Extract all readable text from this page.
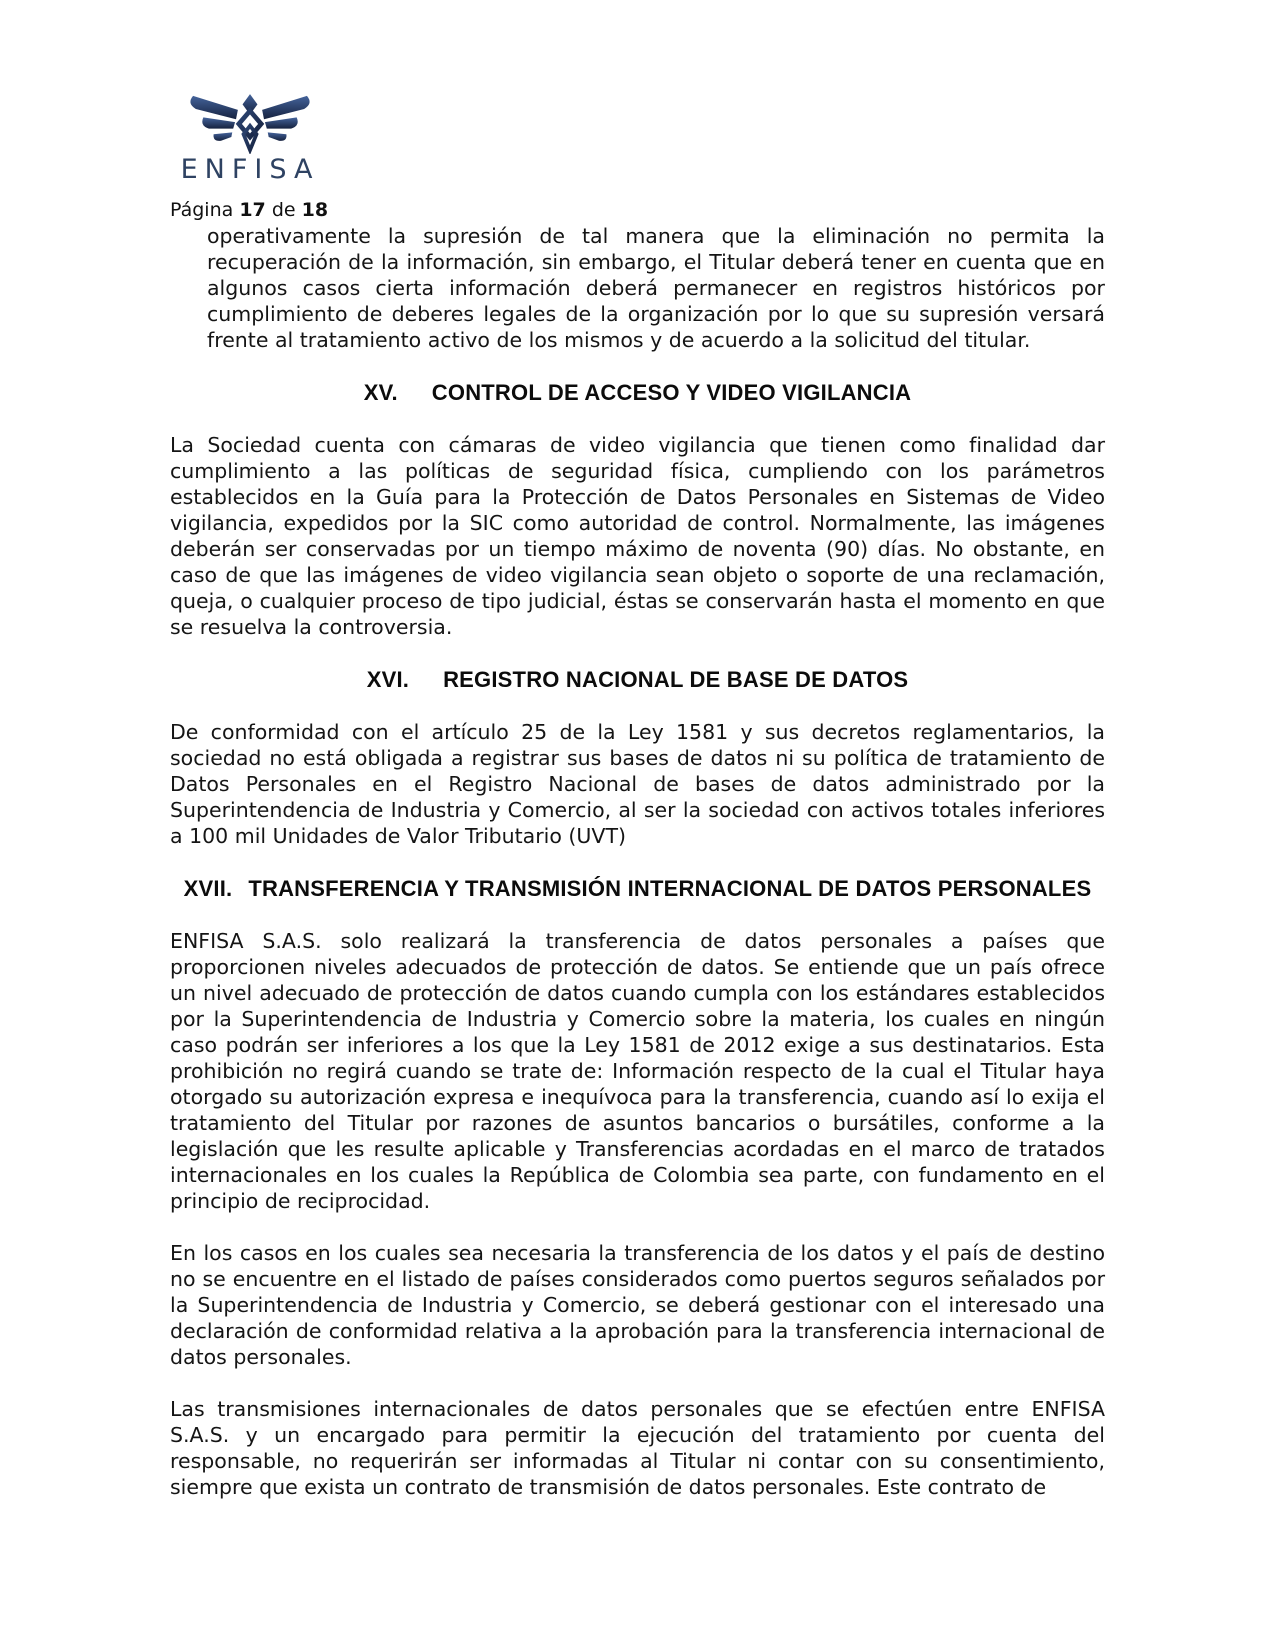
ENFISA
Página 17 de 18

operativamente la supresión de tal manera que la eliminación no permita la recuperación de la información, sin embargo, el Titular deberá tener en cuenta que en algunos casos cierta información deberá permanecer en registros históricos por cumplimiento de deberes legales de la organización por lo que su supresión versará frente al tratamiento activo de los mismos y de acuerdo a la solicitud del titular.

XV. CONTROL DE ACCESO Y VIDEO VIGILANCIA

La Sociedad cuenta con cámaras de video vigilancia que tienen como finalidad dar cumplimiento a las políticas de seguridad física, cumpliendo con los parámetros establecidos en la Guía para la Protección de Datos Personales en Sistemas de Video vigilancia, expedidos por la SIC como autoridad de control. Normalmente, las imágenes deberán ser conservadas por un tiempo máximo de noventa (90) días. No obstante, en caso de que las imágenes de video vigilancia sean objeto o soporte de una reclamación, queja, o cualquier proceso de tipo judicial, éstas se conservarán hasta el momento en que se resuelva la controversia.

XVI. REGISTRO NACIONAL DE BASE DE DATOS

De conformidad con el artículo 25 de la Ley 1581 y sus decretos reglamentarios, la sociedad no está obligada a registrar sus bases de datos ni su política de tratamiento de Datos Personales en el Registro Nacional de bases de datos administrado por la Superintendencia de Industria y Comercio, al ser la sociedad con activos totales inferiores a 100 mil Unidades de Valor Tributario (UVT)

XVII. TRANSFERENCIA Y TRANSMISIÓN INTERNACIONAL DE DATOS PERSONALES

ENFISA S.A.S. solo realizará la transferencia de datos personales a países que proporcionen niveles adecuados de protección de datos. Se entiende que un país ofrece un nivel adecuado de protección de datos cuando cumpla con los estándares establecidos por la Superintendencia de Industria y Comercio sobre la materia, los cuales en ningún caso podrán ser inferiores a los que la Ley 1581 de 2012 exige a sus destinatarios. Esta prohibición no regirá cuando se trate de: Información respecto de la cual el Titular haya otorgado su autorización expresa e inequívoca para la transferencia, cuando así lo exija el tratamiento del Titular por razones de asuntos bancarios o bursátiles, conforme a la legislación que les resulte aplicable y Transferencias acordadas en el marco de tratados internacionales en los cuales la República de Colombia sea parte, con fundamento en el principio de reciprocidad.

En los casos en los cuales sea necesaria la transferencia de los datos y el país de destino no se encuentre en el listado de países considerados como puertos seguros señalados por la Superintendencia de Industria y Comercio, se deberá gestionar con el interesado una declaración de conformidad relativa a la aprobación para la transferencia internacional de datos personales.

Las transmisiones internacionales de datos personales que se efectúen entre ENFISA S.A.S. y un encargado para permitir la ejecución del tratamiento por cuenta del responsable, no requerirán ser informadas al Titular ni contar con su consentimiento, siempre que exista un contrato de transmisión de datos personales. Este contrato de
